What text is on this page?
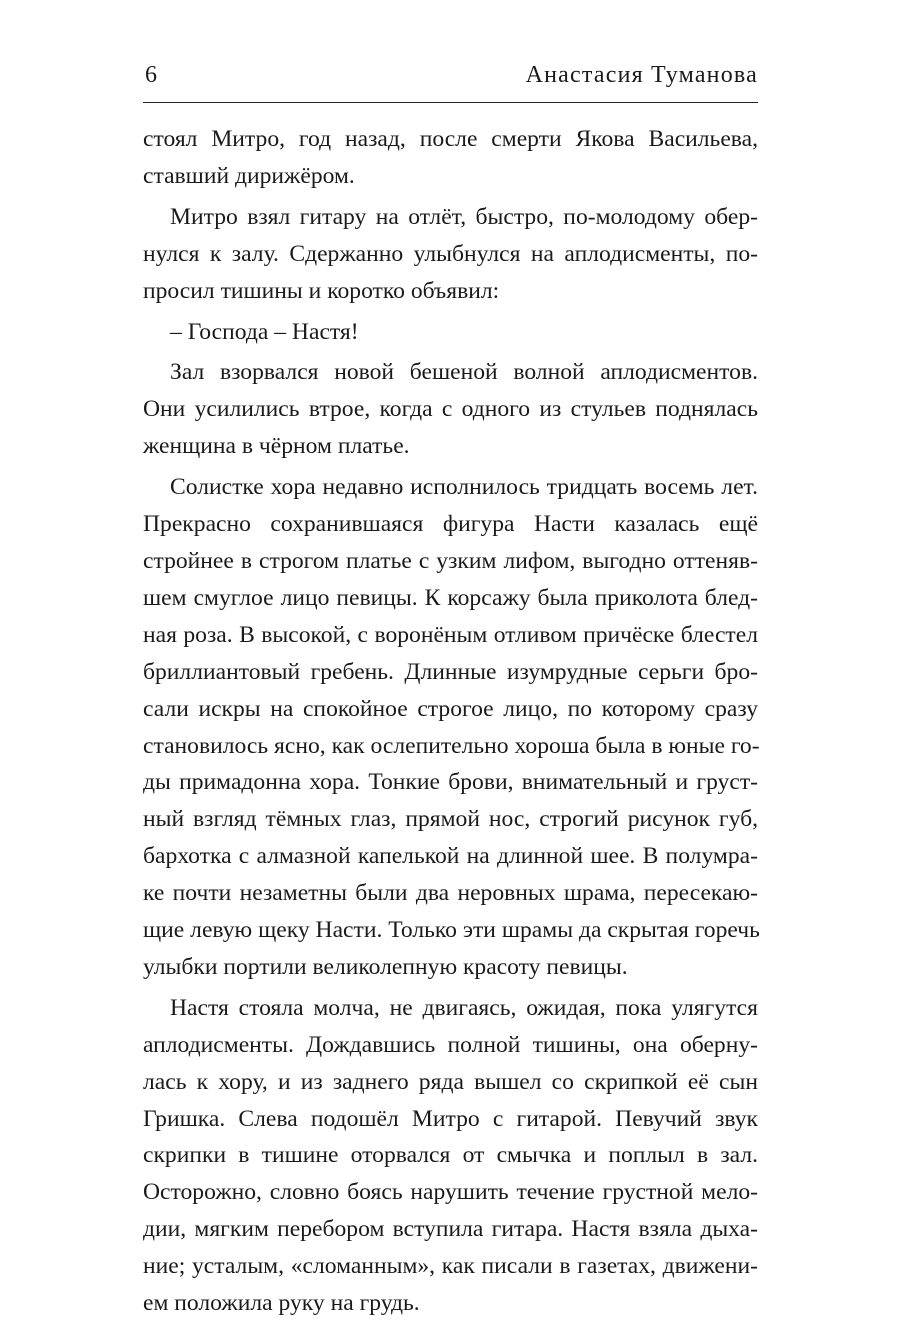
6	Анастасия Туманова
стоял Митро, год назад, после смерти Якова Васильева,
ставший дирижёром.
Митро взял гитару на отлёт, быстро, по-молодому обер-
нулся к залу. Сдержанно улыбнулся на аплодисменты, по-
просил тишины и коротко объявил:
– Господа – Настя!
Зал взорвался новой бешеной волной аплодисментов.
Они усилились втрое, когда с одного из стульев поднялась
женщина в чёрном платье.
Солистке хора недавно исполнилось тридцать восемь лет.
Прекрасно сохранившаяся фигура Насти казалась ещё
стройнее в строгом платье с узким лифом, выгодно оттеняв-
шем смуглое лицо певицы. К корсажу была приколота блед-
ная роза. В высокой, с воронёным отливом причёске блестел
бриллиантовый гребень. Длинные изумрудные серьги бро-
сали искры на спокойное строгое лицо, по которому сразу
становилось ясно, как ослепительно хороша была в юные го-
ды примадонна хора. Тонкие брови, внимательный и груст-
ный взгляд тёмных глаз, прямой нос, строгий рисунок губ,
бархотка с алмазной капелькой на длинной шее. В полумра-
ке почти незаметны были два неровных шрама, пересекаю-
щие левую щеку Насти. Только эти шрамы да скрытая горечь
улыбки портили великолепную красоту певицы.
Настя стояла молча, не двигаясь, ожидая, пока улягутся
аплодисменты. Дождавшись полной тишины, она оберну-
лась к хору, и из заднего ряда вышел со скрипкой её сын
Гришка. Слева подошёл Митро с гитарой. Певучий звук
скрипки в тишине оторвался от смычка и поплыл в зал.
Осторожно, словно боясь нарушить течение грустной мело-
дии, мягким перебором вступила гитара. Настя взяла дыха-
ние; усталым, «сломанным», как писали в газетах, движени-
ем положила руку на грудь.
